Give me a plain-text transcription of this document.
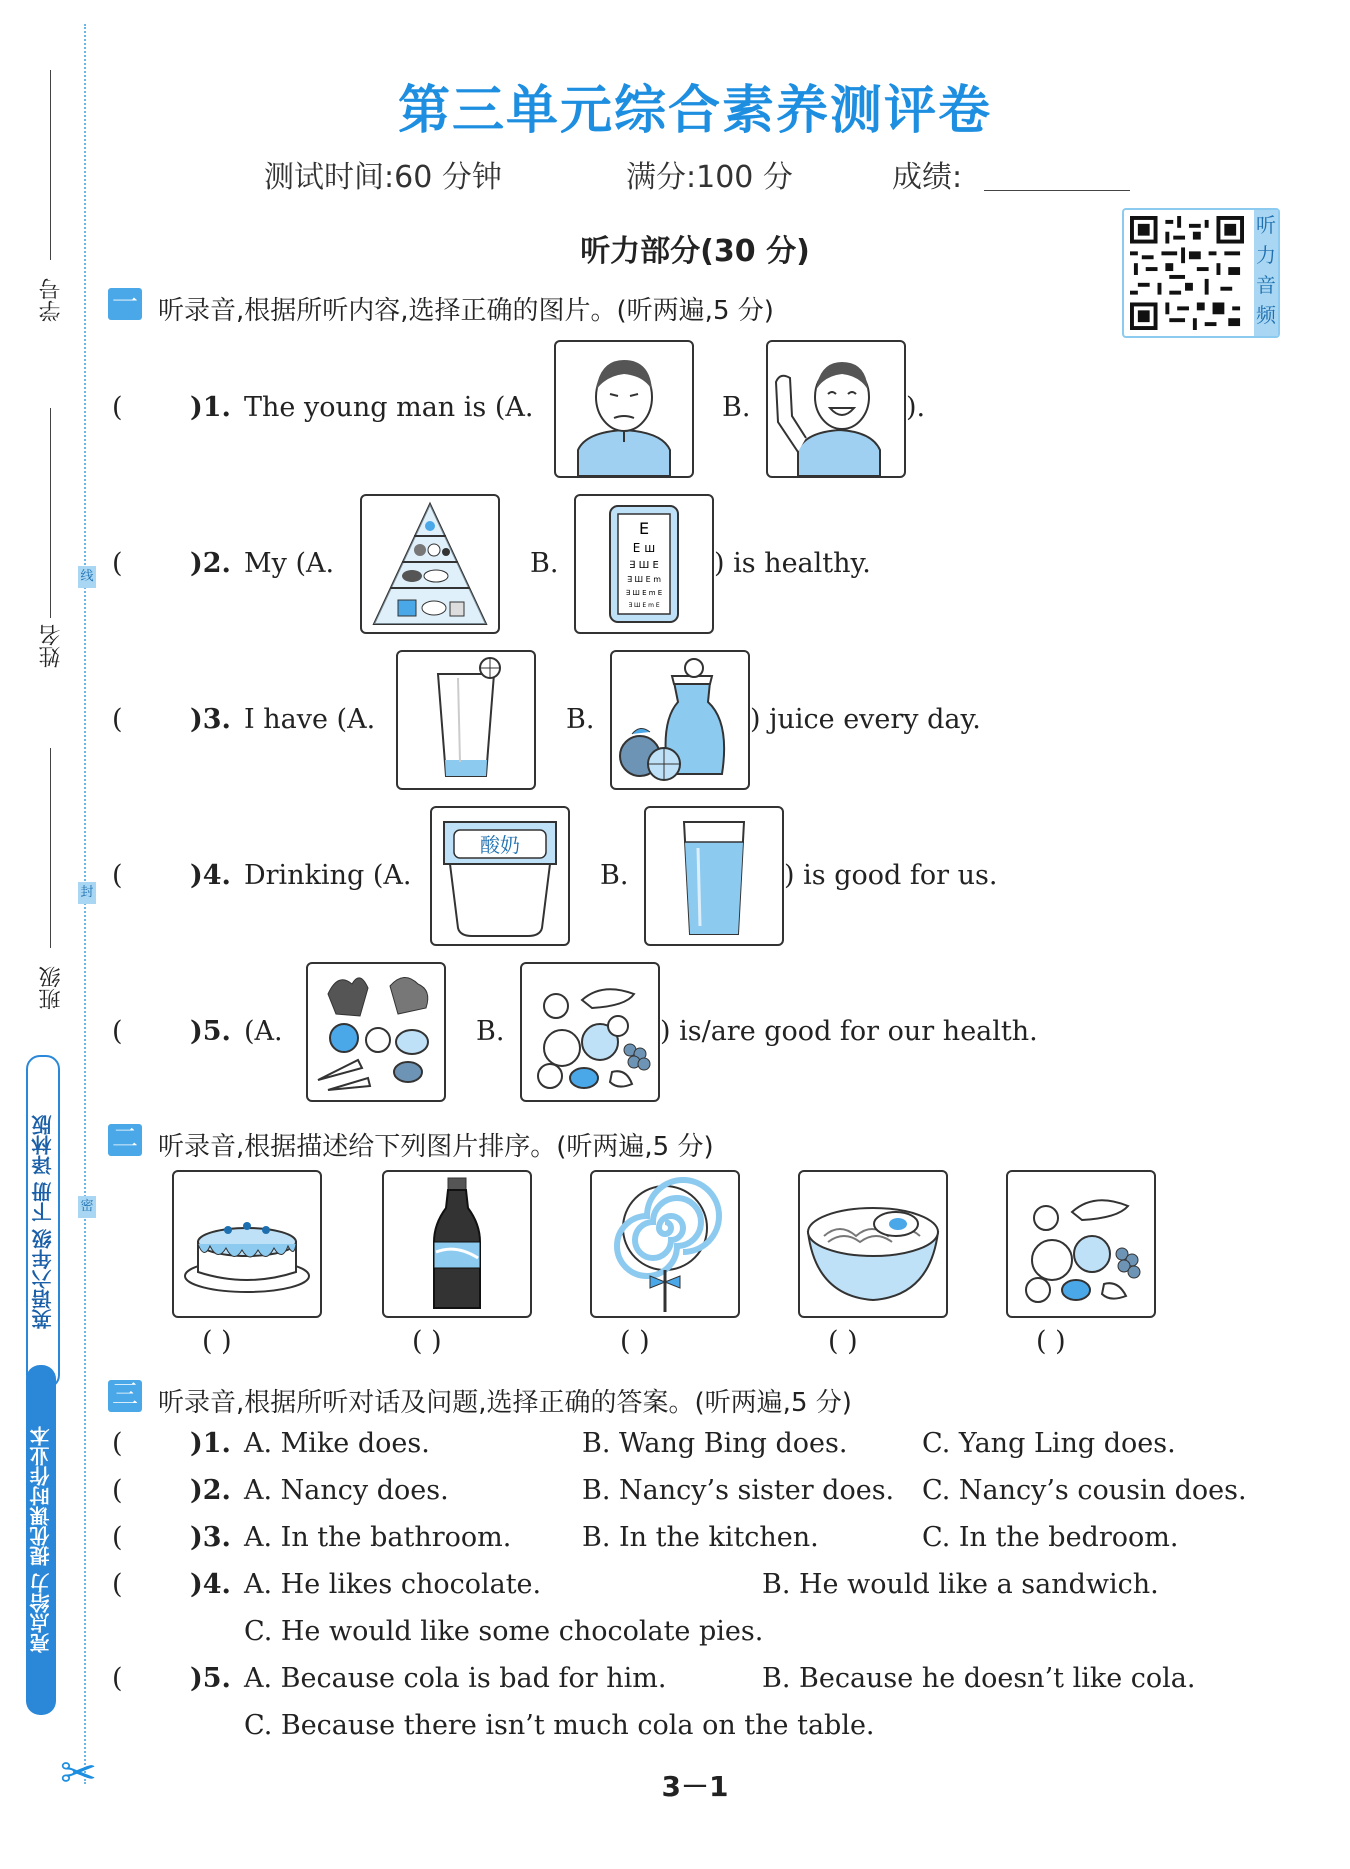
学号
姓名
班级
线
封
密
英语六年级 下册 译林版
亮点给力 提优课时作业本
✂
第三单元综合素养测评卷
测试时间:60 分钟	满分:100 分	成绩:
听力部分(30 分)
听力音频
一 听录音,根据所听内容,选择正确的图片。(听两遍,5 分)
( )1. The young man is (A.	B.	).
( )2. My (A.	B.
E
E ш
∃ Ш E
∃ Ш E m
∃ Ш E m E
∃ Ш E m E
) is healthy.
( )3. I have (A.	B.	) juice every day.
( )4. Drinking (A.
酸奶
B.	) is good for us.
( )5. (A.	B.	) is/are good for our health.
二 听录音,根据描述给下列图片排序。(听两遍,5 分)
( )	( )	( )	( )	( )
三 听录音,根据所听对话及问题,选择正确的答案。(听两遍,5 分)
( )1. A. Mike does.	B. Wang Bing does.	C. Yang Ling does.
( )2. A. Nancy does.	B. Nancy’s sister does. C. Nancy’s cousin does.
( )3. A. In the bathroom.	B. In the kitchen.	C. In the bedroom.
( )4. A. He likes chocolate.	B. He would like a sandwich.
C. He would like some chocolate pies.
( )5. A. Because cola is bad for him.	B. Because he doesn’t like cola.
C. Because there isn’t much cola on the table.
3－1
